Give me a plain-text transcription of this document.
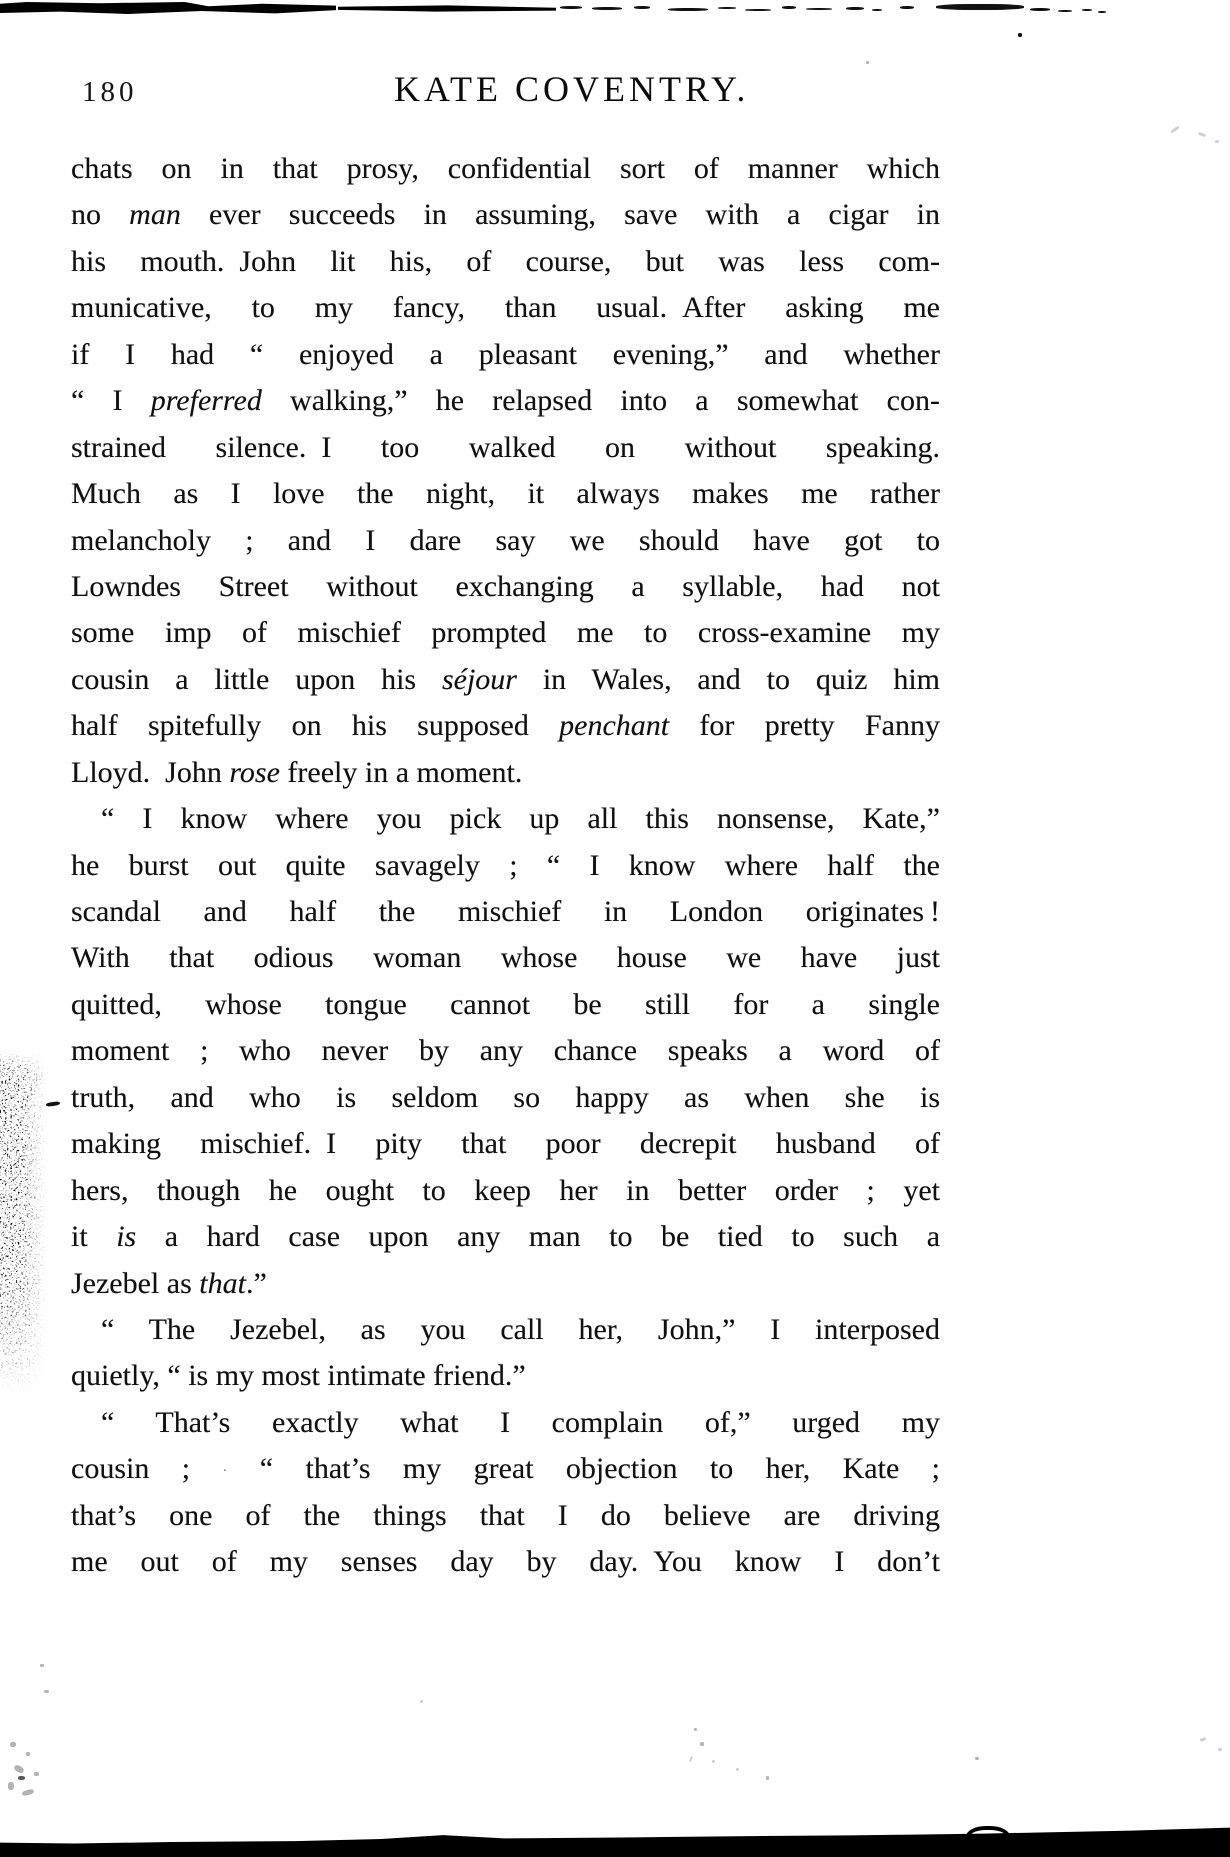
180	KATE COVENTRY.
chats on in that prosy, confidential sort of manner which
no man ever succeeds in assuming, save with a cigar in
his mouth. John lit his, of course, but was less com-
municative, to my fancy, than usual. After asking me
if I had “ enjoyed a pleasant evening,” and whether
“ I preferred walking,” he relapsed into a somewhat con-
strained silence. I too walked on without speaking.
Much as I love the night, it always makes me rather
melancholy ; and I dare say we should have got to
Lowndes Street without exchanging a syllable, had not
some imp of mischief prompted me to cross-examine my
cousin a little upon his séjour in Wales, and to quiz him
half spitefully on his supposed penchant for pretty Fanny
Lloyd. John rose freely in a moment.
“ I know where you pick up all this nonsense, Kate,”
he burst out quite savagely ; “ I know where half the
scandal and half the mischief in London originates !
With that odious woman whose house we have just
quitted, whose tongue cannot be still for a single
moment ; who never by any chance speaks a word of
truth, and who is seldom so happy as when she is
making mischief. I pity that poor decrepit husband of
hers, though he ought to keep her in better order ; yet
it is a hard case upon any man to be tied to such a
Jezebel as that.”
“ The Jezebel, as you call her, John,” I interposed
quietly, “ is my most intimate friend.”
“ That’s exactly what I complain of,” urged my
cousin ; · “ that’s my great objection to her, Kate ;
that’s one of the things that I do believe are driving
me out of my senses day by day. You know I don’t
